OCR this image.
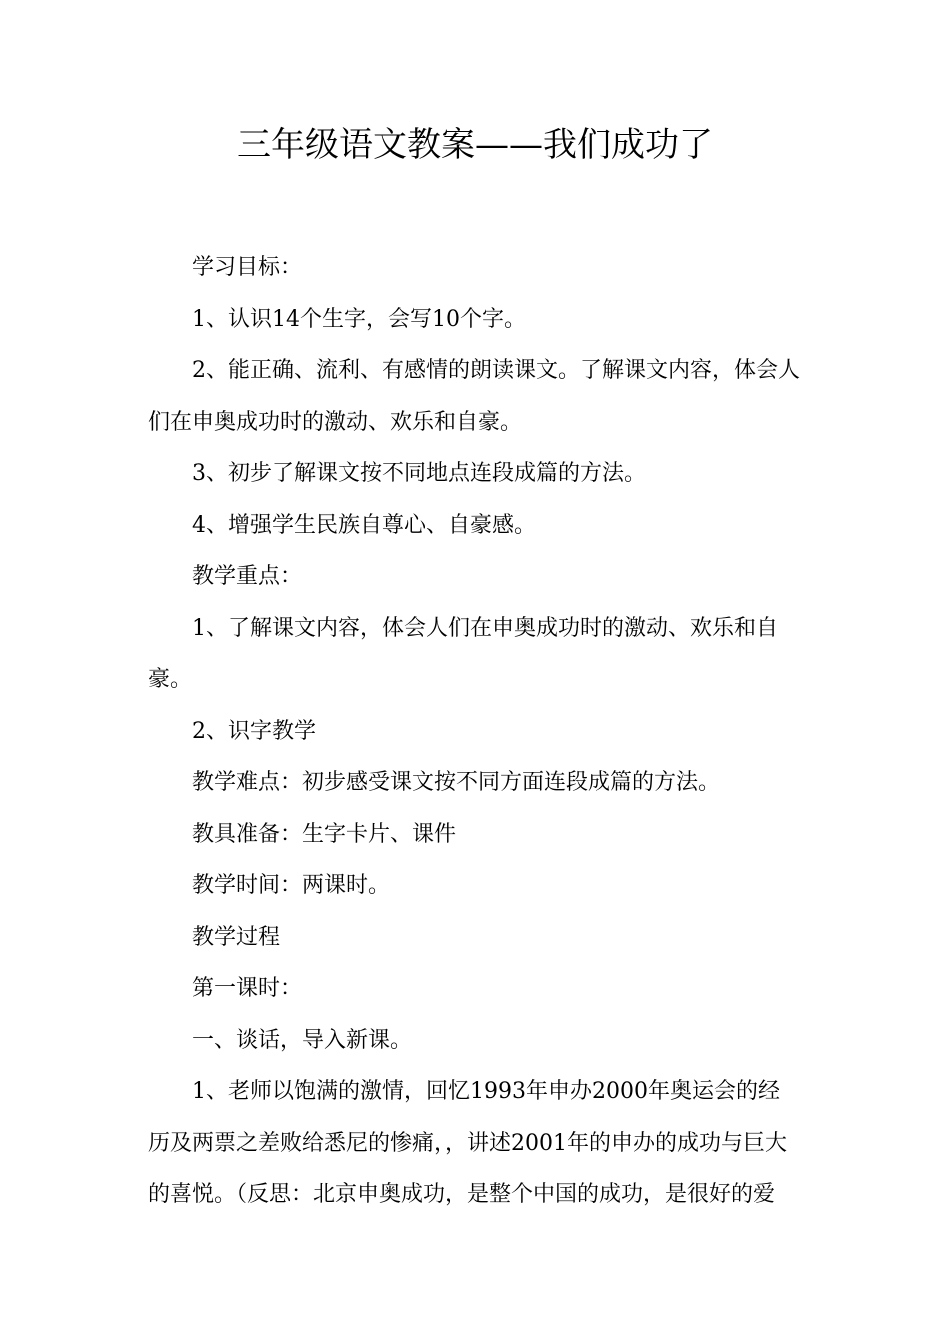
三年级语文教案——我们成功了

学习目标：

1、认识14个生字，会写10个字。

2、能正确、流利、有感情的朗读课文。了解课文内容，体会人们在申奥成功时的激动、欢乐和自豪。

3、初步了解课文按不同地点连段成篇的方法。

4、增强学生民族自尊心、自豪感。

教学重点：

1、了解课文内容，体会人们在申奥成功时的激动、欢乐和自豪。

2、识字教学

教学难点：初步感受课文按不同方面连段成篇的方法。

教具准备：生字卡片、课件

教学时间：两课时。

教学过程

第一课时：

一、谈话，导入新课。

1、老师以饱满的激情，回忆1993年申办2000年奥运会的经历及两票之差败给悉尼的惨痛，，讲述2001年的申办的成功与巨大的喜悦。（反思：北京申奥成功，是整个中国的成功，是很好的爱
